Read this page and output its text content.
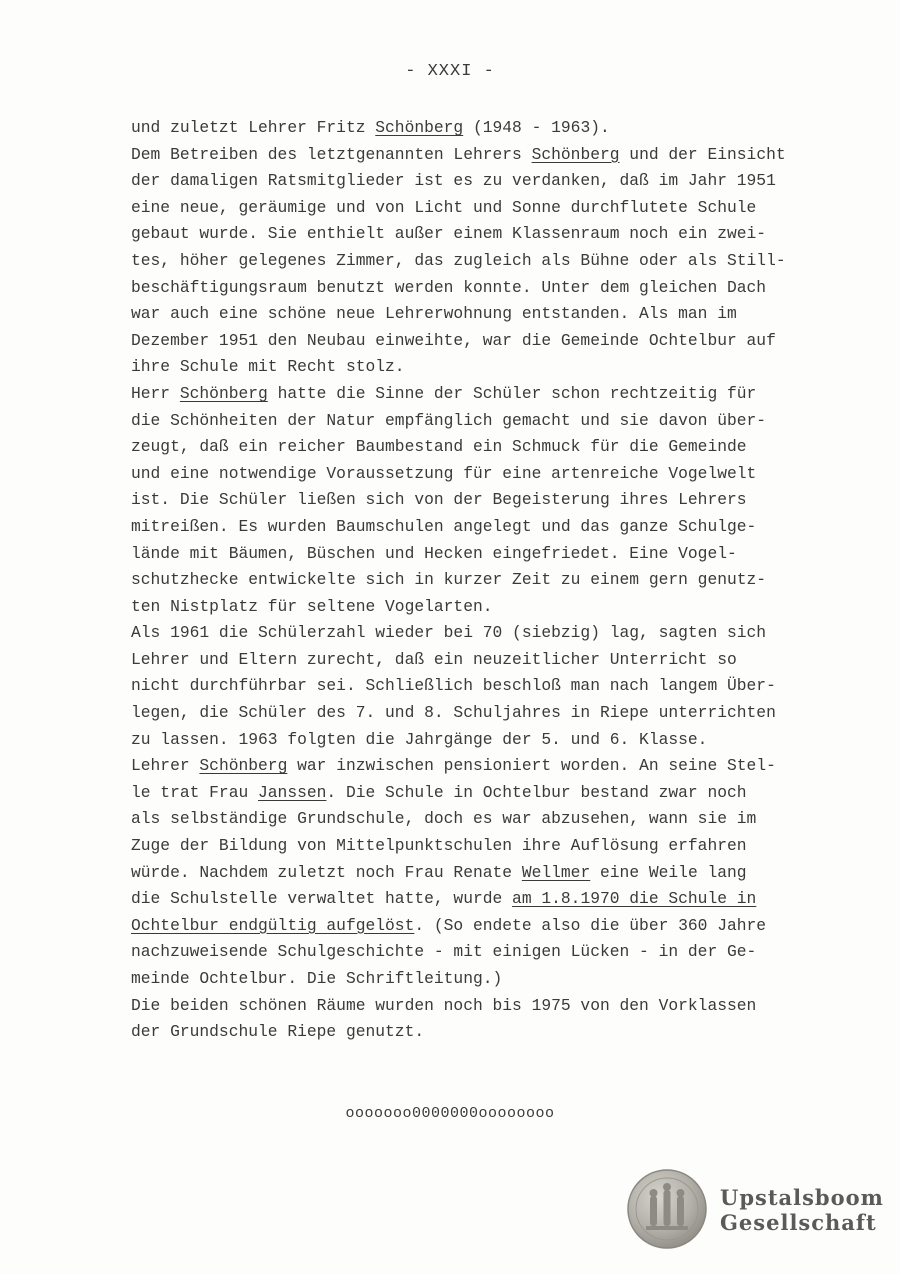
- XXXI -
und zuletzt Lehrer Fritz Schönberg (1948 - 1963).
Dem Betreiben des letztgenannten Lehrers Schönberg und der Einsicht
der damaligen Ratsmitglieder ist es zu verdanken, daß im Jahr 1951
eine neue, geräumige und von Licht und Sonne durchflutete Schule
gebaut wurde. Sie enthielt außer einem Klassenraum noch ein zwei-
tes, höher gelegenes Zimmer, das zugleich als Bühne oder als Still-
beschäftigungsraum benutzt werden konnte. Unter dem gleichen Dach
war auch eine schöne neue Lehrerwohnung entstanden. Als man im
Dezember 1951 den Neubau einweihte, war die Gemeinde Ochtelbur auf
ihre Schule mit Recht stolz.
Herr Schönberg hatte die Sinne der Schüler schon rechtzeitig für
die Schönheiten der Natur empfänglich gemacht und sie davon über-
zeugt, daß ein reicher Baumbestand ein Schmuck für die Gemeinde
und eine notwendige Voraussetzung für eine artenreiche Vogelwelt
ist. Die Schüler ließen sich von der Begeisterung ihres Lehrers
mitreißen. Es wurden Baumschulen angelegt und das ganze Schulge-
lände mit Bäumen, Büschen und Hecken eingefriedet. Eine Vogel-
schutzhecke entwickelte sich in kurzer Zeit zu einem gern genutz-
ten Nistplatz für seltene Vogelarten.
Als 1961 die Schülerzahl wieder bei 70 (siebzig) lag, sagten sich
Lehrer und Eltern zurecht, daß ein neuzeitlicher Unterricht so
nicht durchführbar sei. Schließlich beschloß man nach langem Über-
legen, die Schüler des 7. und 8. Schuljahres in Riepe unterrichten
zu lassen. 1963 folgten die Jahrgänge der 5. und 6. Klasse.
Lehrer Schönberg war inzwischen pensioniert worden. An seine Stel-
le trat Frau Janssen. Die Schule in Ochtelbur bestand zwar noch
als selbständige Grundschule, doch es war abzusehen, wann sie im
Zuge der Bildung von Mittelpunktschulen ihre Auflösung erfahren
würde. Nachdem zuletzt noch Frau Renate Wellmer eine Weile lang
die Schulstelle verwaltet hatte, wurde am 1.8.1970 die Schule in
Ochtelbur endgültig aufgelöst. (So endete also die über 360 Jahre
nachzuweisende Schulgeschichte - mit einigen Lücken - in der Ge-
meinde Ochtelbur. Die Schriftleitung.)
Die beiden schönen Räume wurden noch bis 1975 von den Vorklassen
der Grundschule Riepe genutzt.
ooooooo0000000oooooooo
Upstalsboom
Gesellschaft
